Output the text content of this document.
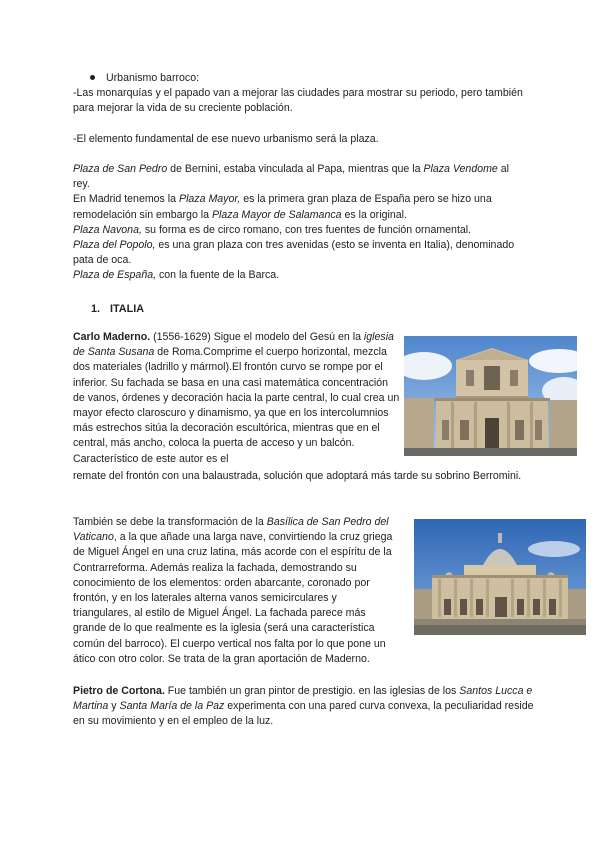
Urbanismo barroco:

-Las monarquías y el papado van a mejorar las ciudades para mostrar su periodo, pero también para mejorar la vida de su creciente población.

-El elemento fundamental de ese nuevo urbanismo será la plaza.

Plaza de San Pedro de Bernini, estaba vinculada al Papa, mientras que la Plaza Vendome al rey.

En Madrid tenemos la Plaza Mayor, es la primera gran plaza de España pero se hizo una remodelación sin embargo la Plaza Mayor de Salamanca es la original.

Plaza Navona, su forma es de circo romano, con tres fuentes de función ornamental.

Plaza del Popolo, es una gran plaza con tres avenidas (esto se inventa en Italia), denominado pata de oca.

Plaza de España, con la fuente de la Barca.

1. ITALIA

Carlo Maderno. (1556-1629) Sigue el modelo del Gesú en la iglesia de Santa Susana de Roma.Comprime el cuerpo horizontal, mezcla dos materiales (ladrillo y mármol).El frontón curvo se rompe por el inferior. Su fachada se basa en una casi matemática concentración de vanos, órdenes y decoración hacia la parte central, lo cual crea un mayor efecto claroscuro y dinamismo, ya que en los intercolumnios más estrechos sitúa la decoración escultórica, mientras que en el central, más ancho, coloca la puerta de acceso y un balcón. Característico de este autor es el

remate del frontón con una balaustrada, solución que adoptará más tarde su sobrino Berromini.

También se debe la transformación de la Basílica de San Pedro del Vaticano, a la que añade una larga nave, convirtiendo la cruz griega de Miguel Ángel en una cruz latina, más acorde con el espíritu de la Contrarreforma. Además realiza la fachada, demostrando su conocimiento de los elementos: orden abarcante, coronado por frontón, y en los laterales alterna vanos semicirculares y triangulares, al estilo de Miguel Ángel. La fachada parece más grande de lo que realmente es la iglesia (será una característica común del barroco). El cuerpo vertical nos falta por lo que pone un ático con otro color. Se trata de la gran aportación de Maderno.

Pietro de Cortona. Fue también un gran pintor de prestigio. en las iglesias de los Santos Lucca e Martina y Santa María de la Paz experimenta con una pared curva convexa, la peculiaridad reside en su movimiento y en el empleo de la luz.
